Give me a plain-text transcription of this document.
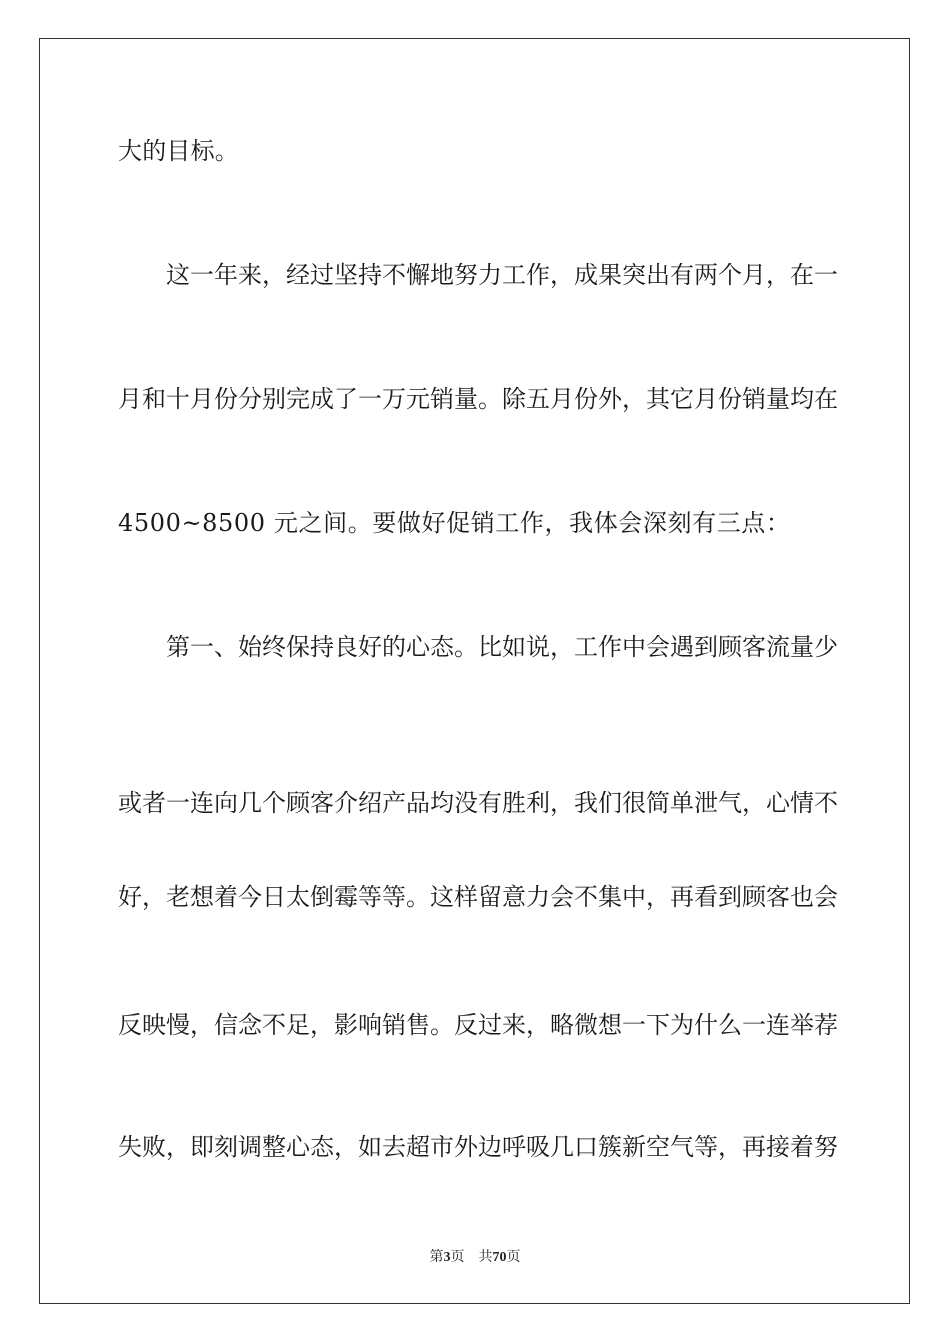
大的目标。
这一年来，经过坚持不懈地努力工作，成果突出有两个月，在一
月和十月份分别完成了一万元销量。除五月份外，其它月份销量均在
4500~8500 元之间。要做好促销工作，我体会深刻有三点：
第一、始终保持良好的心态。比如说，工作中会遇到顾客流量少
或者一连向几个顾客介绍产品均没有胜利，我们很简单泄气，心情不
好，老想着今日太倒霉等等。这样留意力会不集中，再看到顾客也会
反映慢，信念不足，影响销售。反过来，略微想一下为什么一连举荐
失败，即刻调整心态，如去超市外边呼吸几口簇新空气等，再接着努
第3页 共70页
